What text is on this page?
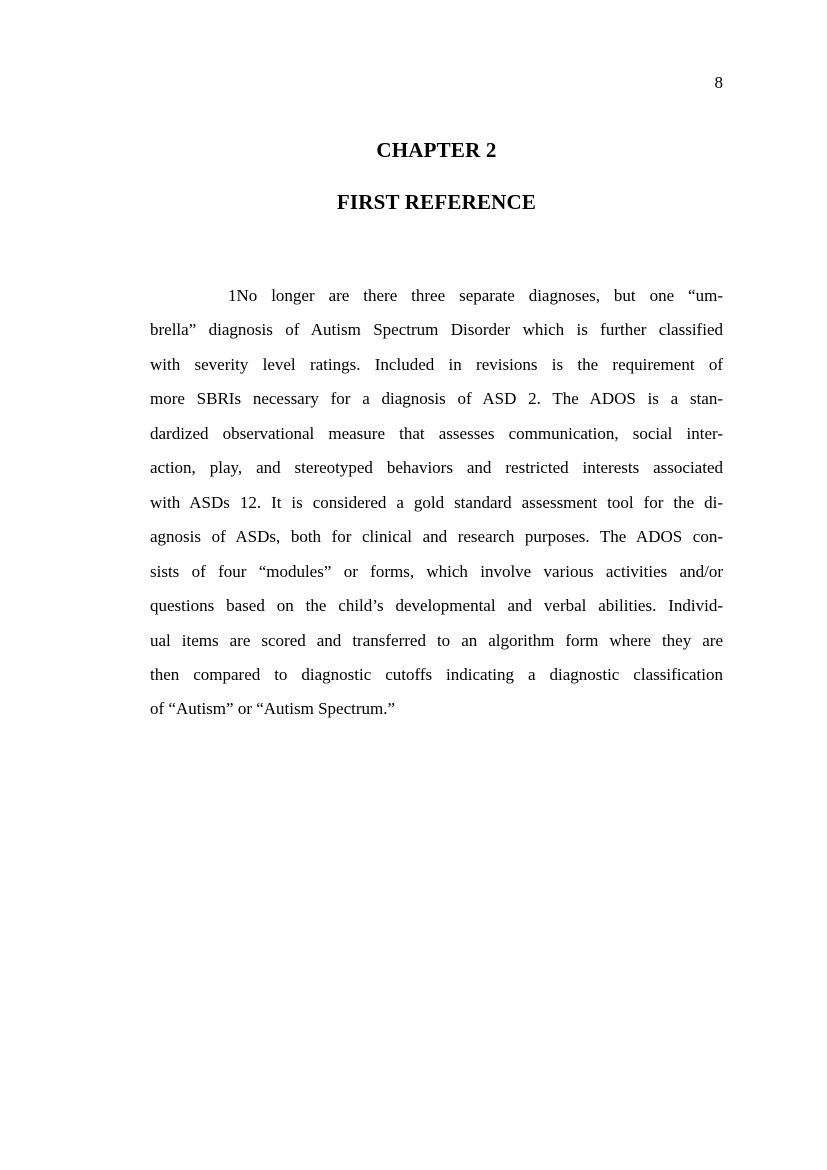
8
CHAPTER 2
FIRST REFERENCE
1No longer are there three separate diagnoses, but one “um-
brella” diagnosis of Autism Spectrum Disorder which is further classified
with severity level ratings. Included in revisions is the requirement of
more SBRIs necessary for a diagnosis of ASD 2. The ADOS is a stan-
dardized observational measure that assesses communication, social inter-
action, play, and stereotyped behaviors and restricted interests associated
with ASDs 12. It is considered a gold standard assessment tool for the di-
agnosis of ASDs, both for clinical and research purposes. The ADOS con-
sists of four “modules” or forms, which involve various activities and/or
questions based on the child’s developmental and verbal abilities. Individ-
ual items are scored and transferred to an algorithm form where they are
then compared to diagnostic cutoffs indicating a diagnostic classification
of “Autism” or “Autism Spectrum.”
